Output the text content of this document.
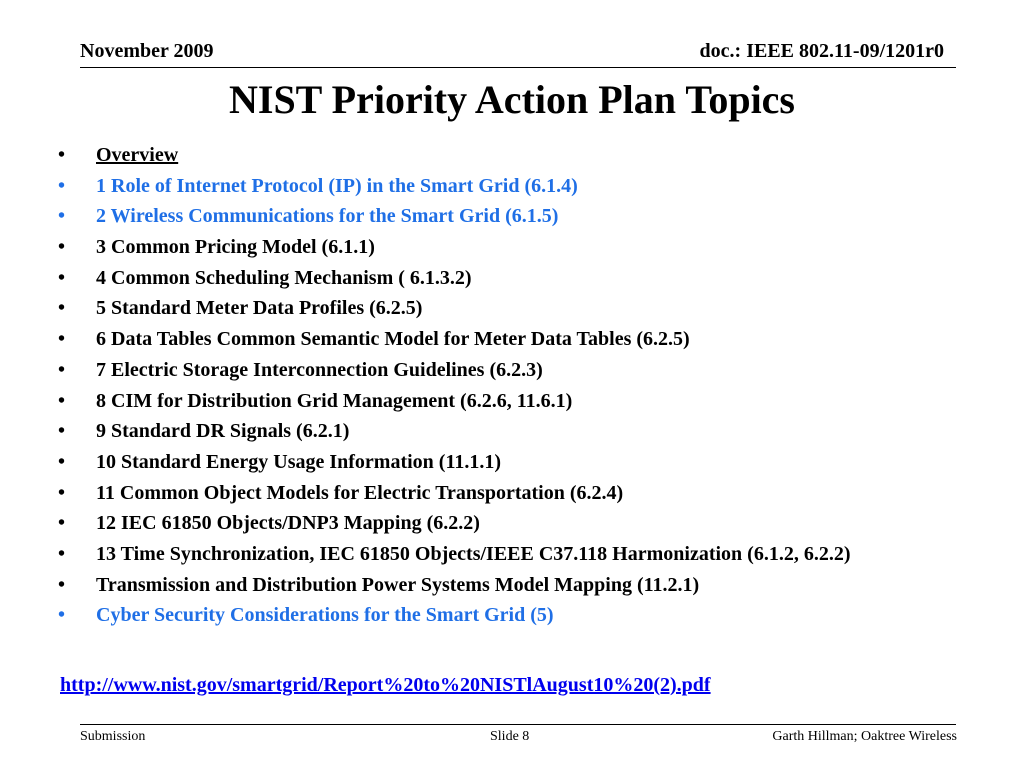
November 2009	doc.: IEEE 802.11-09/1201r0
NIST Priority Action Plan Topics
• Overview
• 1 Role of Internet Protocol (IP) in the Smart Grid (6.1.4)
• 2 Wireless Communications for the Smart Grid (6.1.5)
• 3 Common Pricing Model (6.1.1)
• 4 Common Scheduling Mechanism ( 6.1.3.2)
• 5 Standard Meter Data Profiles (6.2.5)
• 6 Data Tables Common Semantic Model for Meter Data Tables (6.2.5)
• 7 Electric Storage Interconnection Guidelines (6.2.3)
• 8 CIM for Distribution Grid Management (6.2.6, 11.6.1)
• 9 Standard DR Signals (6.2.1)
• 10 Standard Energy Usage Information (11.1.1)
• 11 Common Object Models for Electric Transportation (6.2.4)
• 12 IEC 61850 Objects/DNP3 Mapping (6.2.2)
• 13 Time Synchronization, IEC 61850 Objects/IEEE C37.118 Harmonization (6.1.2, 6.2.2)
• Transmission and Distribution Power Systems Model Mapping (11.2.1)
• Cyber Security Considerations for the Smart Grid (5)
http://www.nist.gov/smartgrid/Report%20to%20NISTlAugust10%20(2).pdf
Submission	Slide 8	Garth Hillman; Oaktree Wireless
